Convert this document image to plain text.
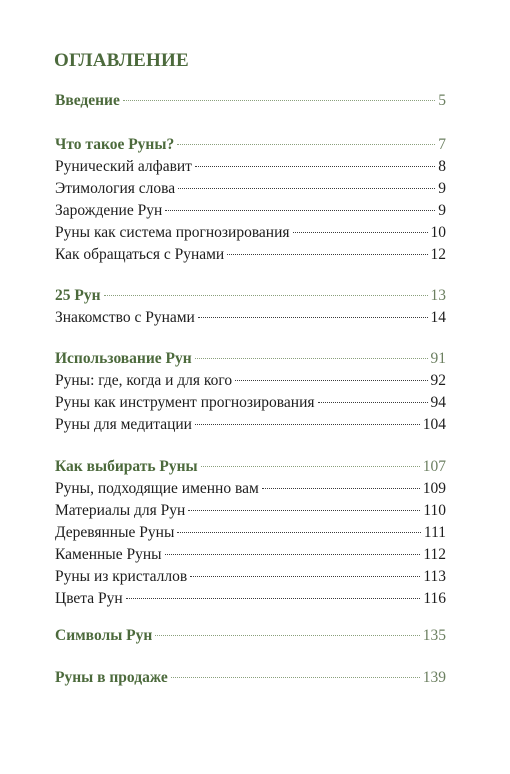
ОГЛАВЛЕНИЕ
Введение	5
Что такое Руны?	7
Рунический алфавит	8
Этимология слова	9
Зарождение Рун	9
Руны как система прогнозирования	10
Как обращаться с Рунами	12
25 Рун	13
Знакомство с Рунами	14
Использование Рун	91
Руны: где, когда и для кого	92
Руны как инструмент прогнозирования	94
Руны для медитации	104
Как выбирать Руны	107
Руны, подходящие именно вам	109
Материалы для Рун	110
Деревянные Руны	111
Каменные Руны	112
Руны из кристаллов	113
Цвета Рун	116
Символы Рун	135
Руны в продаже	139
